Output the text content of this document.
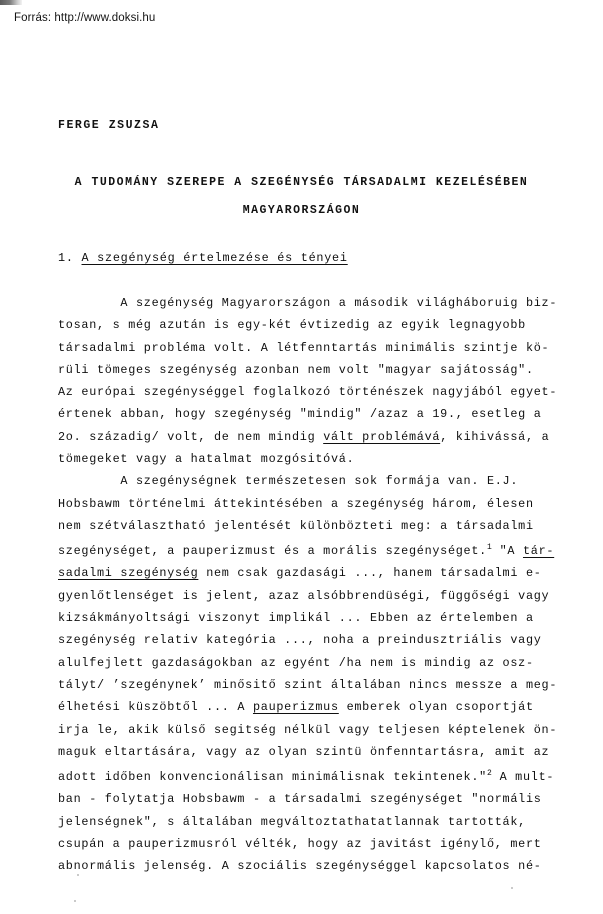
Forrás: http://www.doksi.hu
FERGE ZSUZSA
A TUDOMÁNY SZEREPE A SZEGÉNYSÉG TÁRSADALMI KEZELÉSÉBEN
MAGYARORSZÁGON
1. A szegénység értelmezése és tényei

A szegénység Magyarországon a második világháboruig biz-
tosan, s még azután is egy-két évtizedig az egyik legnagyobb
társadalmi probléma volt. A létfenntartás minimális szintje kö-
rüli tömeges szegénység azonban nem volt "magyar sajátosság".
Az európai szegénységgel foglalkozó történészek nagyjából egyet-
értenek abban, hogy szegénység "mindig" /azaz a 19., esetleg a
2o. századig/ volt, de nem mindig vált problémává, kihivássá, a
tömegeket vagy a hatalmat mozgósitóvá.

A szegénységnek természetesen sok formája van. E.J.
Hobsbawm történelmi áttekintésében a szegénység három, élesen
nem szétválasztható jelentését különbözteti meg: a társadalmi
szegénységet, a pauperizmust és a morális szegénységet.$^1$ "A tár-
sadalmi szegénység nem csak gazdasági ..., hanem társadalmi e-
gyenlőtlenséget is jelent, azaz alsóbbrendüségi, függőségi vagy
kizsákmányoltsági viszonyt implikál ... Ebben az értelemben a
szegénység relativ kategória ..., noha a preindusztriális vagy
alulfejlett gazdaságokban az egyént /ha nem is mindig az osz-
tályt/ ’szegénynek’ minősitő szint általában nincs messze a meg-
élhetési küszöbtől ... A pauperizmus emberek olyan csoportját
irja le, akik külső segitség nélkül vagy teljesen képtelenek ön-
maguk eltartására, vagy az olyan szintü önfenntartásra, amit az
adott időben konvencionálisan minimálisnak tekintenek."$^2$ A mult-
ban - folytatja Hobsbawm - a társadalmi szegénységet "normális
jelenségnek", s általában megváltoztathatatlannak tartották,
csupán a pauperizmusról vélték, hogy az javitást igénylő, mert
abnormális jelenség. A szociális szegénységgel kapcsolatos né-
